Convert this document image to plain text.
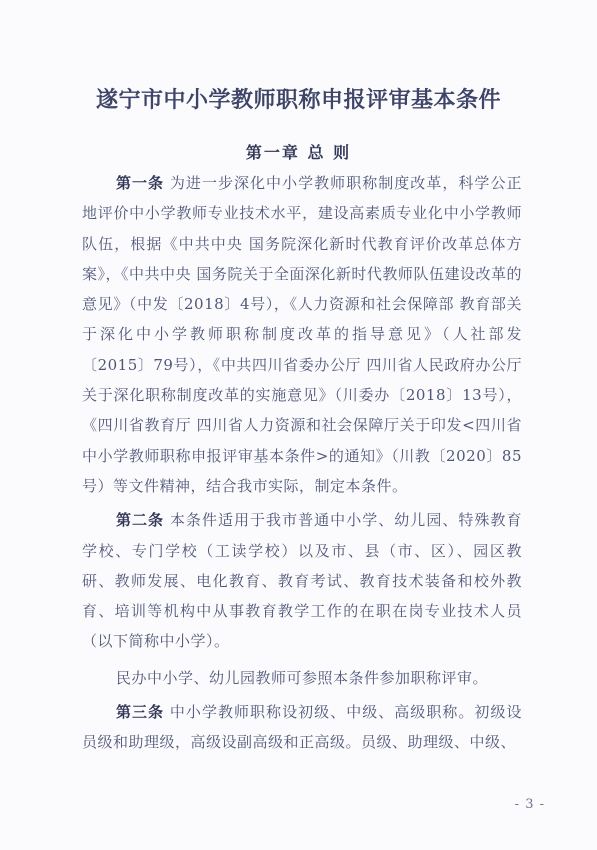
遂宁市中小学教师职称申报评审基本条件
第一章 总 则

第一条 为进一步深化中小学教师职称制度改革，科学公正地评价中小学教师专业技术水平，建设高素质专业化中小学教师队伍，根据《中共中央 国务院深化新时代教育评价改革总体方案》，《中共中央 国务院关于全面深化新时代教师队伍建设改革的意见》（中发〔2018〕4号），《人力资源和社会保障部 教育部关于深化中小学教师职称制度改革的指导意见》（人社部发〔2015〕79号），《中共四川省委办公厅 四川省人民政府办公厅关于深化职称制度改革的实施意见》（川委办〔2018〕13号），《四川省教育厅 四川省人力资源和社会保障厅关于印发<四川省中小学教师职称申报评审基本条件>的通知》（川教〔2020〕85号）等文件精神，结合我市实际，制定本条件。

第二条 本条件适用于我市普通中小学、幼儿园、特殊教育学校、专门学校（工读学校）以及市、县（市、区）、园区教研、教师发展、电化教育、教育考试、教育技术装备和校外教育、培训等机构中从事教育教学工作的在职在岗专业技术人员（以下简称中小学）。

民办中小学、幼儿园教师可参照本条件参加职称评审。

第三条 中小学教师职称设初级、中级、高级职称。初级设员级和助理级，高级设副高级和正高级。员级、助理级、中级、

- 3 -
